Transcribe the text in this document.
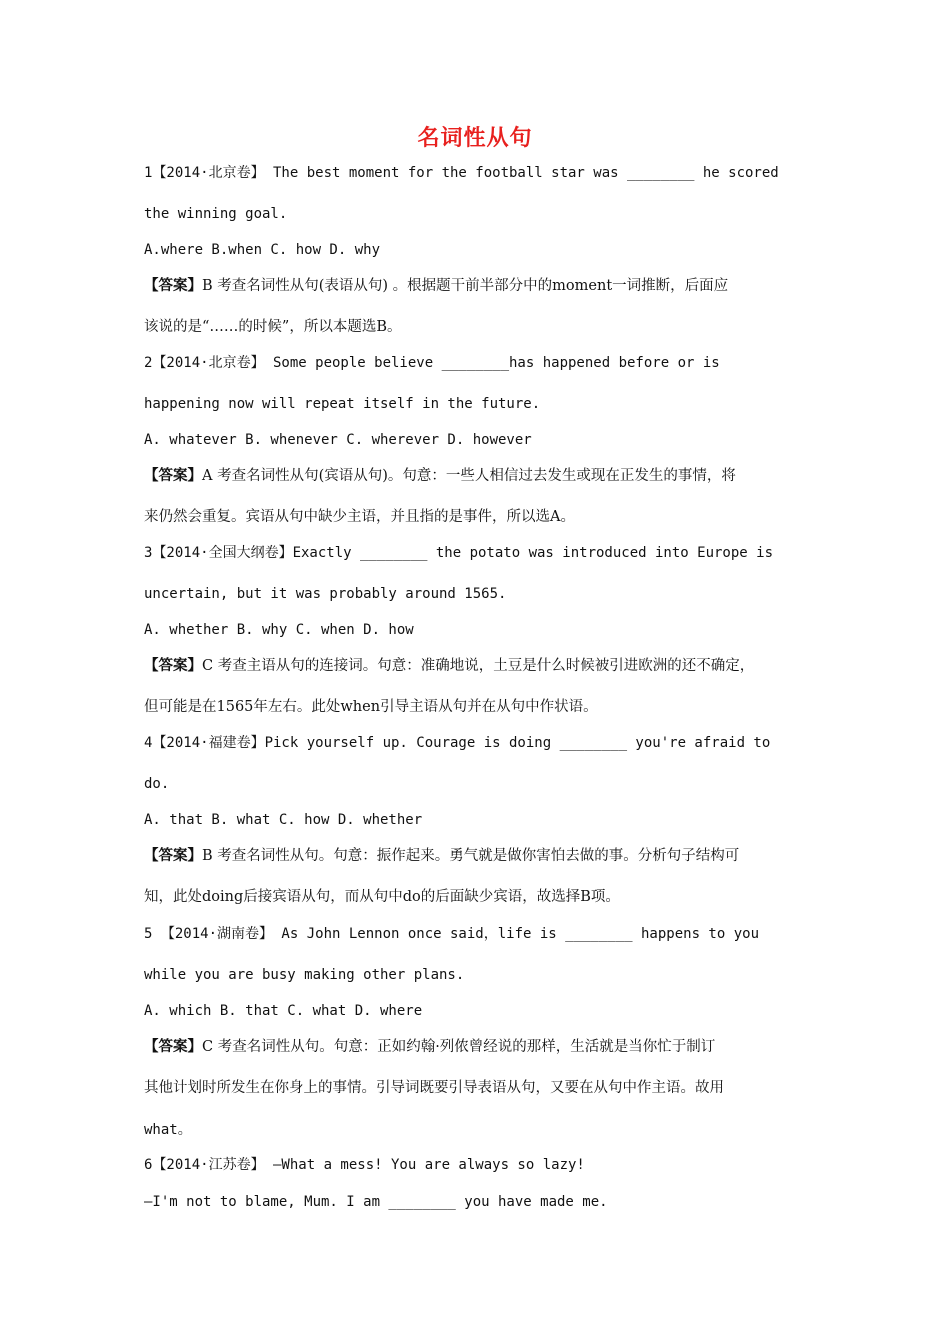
名词性从句
1【2014·北京卷】 The best moment for the football star was ________ he scored
the winning goal.
A.where B.when C. how D. why
【答案】B 考查名词性从句(表语从句) 。根据题干前半部分中的moment一词推断，后面应
该说的是“……的时候”，所以本题选B。
2【2014·北京卷】 Some people believe ________has happened before or is
happening now will repeat itself in the future.
A. whatever B. whenever C. wherever D. however
【答案】A 考查名词性从句(宾语从句)。句意：一些人相信过去发生或现在正发生的事情，将
来仍然会重复。宾语从句中缺少主语，并且指的是事件，所以选A。
3【2014·全国大纲卷】Exactly ________ the potato was introduced into Europe is
uncertain, but it was probably around 1565.
A. whether B. why C. when D. how
【答案】C 考查主语从句的连接词。句意：准确地说，土豆是什么时候被引进欧洲的还不确定，
但可能是在1565年左右。此处when引导主语从句并在从句中作状语。
4【2014·福建卷】Pick yourself up. Courage is doing ________ you're afraid to
do.
A. that B. what C. how D. whether
【答案】B 考查名词性从句。句意：振作起来。勇气就是做你害怕去做的事。分析句子结构可
知，此处doing后接宾语从句，而从句中do的后面缺少宾语，故选择B项。
5 【2014·湖南卷】 As John Lennon once said，life is ________ happens to you
while you are busy making other plans.
A. which B. that C. what D. where
【答案】C 考查名词性从句。句意：正如约翰·列侬曾经说的那样，生活就是当你忙于制订
其他计划时所发生在你身上的事情。引导词既要引导表语从句，又要在从句中作主语。故用
what。
6【2014·江苏卷】 —What a mess! You are always so lazy!
—I'm not to blame, Mum. I am ________ you have made me.
